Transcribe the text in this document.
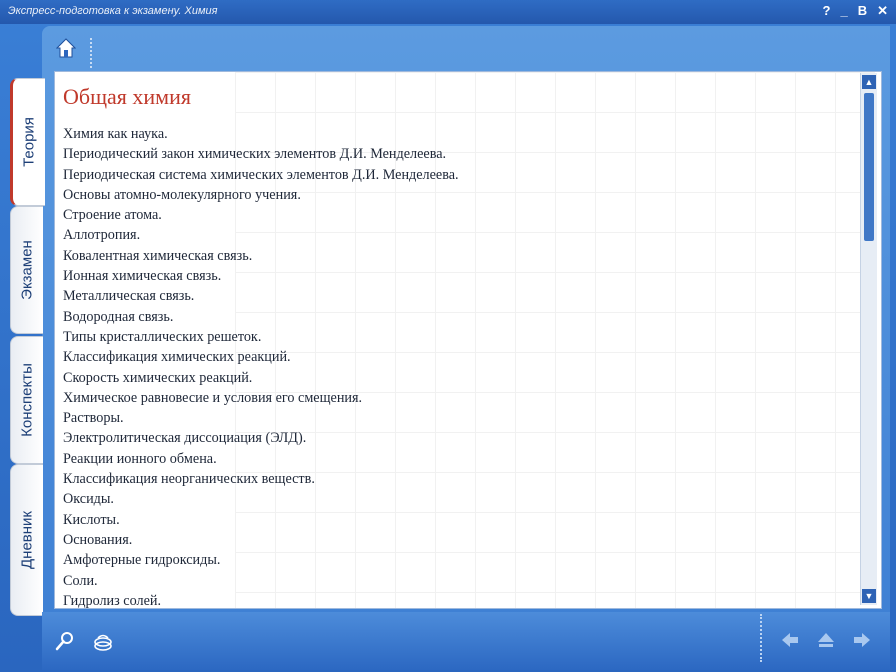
Экспресс-подготовка к экзамену. Химия	? _ В ✕
Теория
Экзамен
Конспекты
Дневник
Общая химия
Химия как наука.
Периодический закон химических элементов Д.И. Менделеева.
Периодическая система химических элементов Д.И. Менделеева.
Основы атомно-молекулярного учения.
Строение атома.
Аллотропия.
Ковалентная химическая связь.
Ионная химическая связь.
Металлическая связь.
Водородная связь.
Типы кристаллических решеток.
Классификация химических реакций.
Скорость химических реакций.
Химическое равновесие и условия его смещения.
Растворы.
Электролитическая диссоциация (ЭЛД).
Реакции ионного обмена.
Классификация неорганических веществ.
Оксиды.
Кислоты.
Основания.
Амфотерные гидроксиды.
Соли.
Гидролиз солей.
▲
▼
